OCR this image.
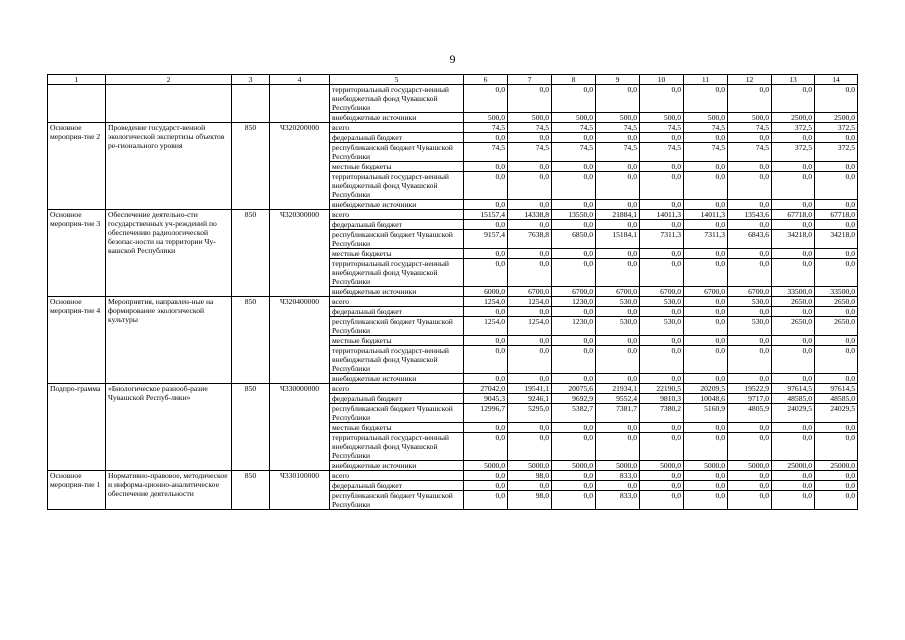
9
1	2	3	4	5	6	7	8	9	10	11	12	13	14
				территориальный государст-венный внебюджетный фонд Чувашской Республики	0,0	0,0	0,0	0,0	0,0	0,0	0,0	0,0	0,0
				внебюджетные источники	500,0	500,0	500,0	500,0	500,0	500,0	500,0	2500,0	2500,0
Основное мероприя-тие 2	Проведение государст-венной экологической экспертизы объектов ре-гионального уровня	850	Ч320200000	всего	74,5	74,5	74,5	74,5	74,5	74,5	74,5	372,5	372,5
				федеральный бюджет	0,0	0,0	0,0	0,0	0,0	0,0	0,0	0,0	0,0
				республиканский бюджет Чувашской Республики	74,5	74,5	74,5	74,5	74,5	74,5	74,5	372,5	372,5
				местные бюджеты	0,0	0,0	0,0	0,0	0,0	0,0	0,0	0,0	0,0
				территориальный государст-венный внебюджетный фонд Чувашской Республики	0,0	0,0	0,0	0,0	0,0	0,0	0,0	0,0	0,0
				внебюджетные источники	0,0	0,0	0,0	0,0	0,0	0,0	0,0	0,0	0,0
Основное мероприя-тие 3	Обеспечение деятельно-сти государственных уч-реждений по обеспечению радиологической безопас-ности на территории Чу-вашской Республики	850	Ч320300000	всего	15157,4	14338,8	13550,0	21884,1	14011,3	14011,3	13543,6	67718,0	67718,0
				федеральный бюджет	0,0	0,0	0,0	0,0	0,0	0,0	0,0	0,0	0,0
				республиканский бюджет Чувашской Республики	9157,4	7638,8	6850,0	15184,1	7311,3	7311,3	6843,6	34218,0	34218,0
				местные бюджеты	0,0	0,0	0,0	0,0	0,0	0,0	0,0	0,0	0,0
				территориальный государст-венный внебюджетный фонд Чувашской Республики	0,0	0,0	0,0	0,0	0,0	0,0	0,0	0,0	0,0
				внебюджетные источники	6000,0	6700,0	6700,0	6700,0	6700,0	6700,0	6700,0	33500,0	33500,0
Основное мероприя-тие 4	Мероприятия, направлен-ные на формирование экологической культуры	850	Ч320400000	всего	1254,0	1254,0	1230,0	530,0	530,0	0,0	530,0	2650,0	2650,0
				федеральный бюджет	0,0	0,0	0,0	0,0	0,0	0,0	0,0	0,0	0,0
				республиканский бюджет Чувашской Республики	1254,0	1254,0	1230,0	530,0	530,0	0,0	530,0	2650,0	2650,0
				местные бюджеты	0,0	0,0	0,0	0,0	0,0	0,0	0,0	0,0	0,0
				территориальный государст-венный внебюджетный фонд Чувашской Республики	0,0	0,0	0,0	0,0	0,0	0,0	0,0	0,0	0,0
				внебюджетные источники	0,0	0,0	0,0	0,0	0,0	0,0	0,0	0,0	0,0
Подпро-грамма	«Биологическое разнооб-разие Чувашской Респуб-лики»	850	Ч330000000	всего	27042,0	19541,1	20075,6	21934,1	22190,5	20209,5	19522,9	97614,5	97614,5
				федеральный бюджет	9045,3	9246,1	9692,9	9552,4	9810,3	10048,6	9717,0	48585,0	48585,0
				республиканский бюджет Чувашской Республики	12996,7	5295,0	5382,7	7381,7	7380,2	5160,9	4805,9	24029,5	24029,5
				местные бюджеты	0,0	0,0	0,0	0,0	0,0	0,0	0,0	0,0	0,0
				территориальный государст-венный внебюджетный фонд Чувашской Республики	0,0	0,0	0,0	0,0	0,0	0,0	0,0	0,0	0,0
				внебюджетные источники	5000,0	5000,0	5000,0	5000,0	5000,0	5000,0	5000,0	25000,0	25000,0
Основное мероприя-тие 1	Нормативно-правовое, методическое и информа-ционно-аналитическое обеспечение деятельности	850	Ч330100000	всего	0,0	98,0	0,0	833,0	0,0	0,0	0,0	0,0	0,0
				федеральный бюджет	0,0	0,0	0,0	0,0	0,0	0,0	0,0	0,0	0,0
				республиканский бюджет Чувашской Республики	0,0	98,0	0,0	833,0	0,0	0,0	0,0	0,0	0,0
